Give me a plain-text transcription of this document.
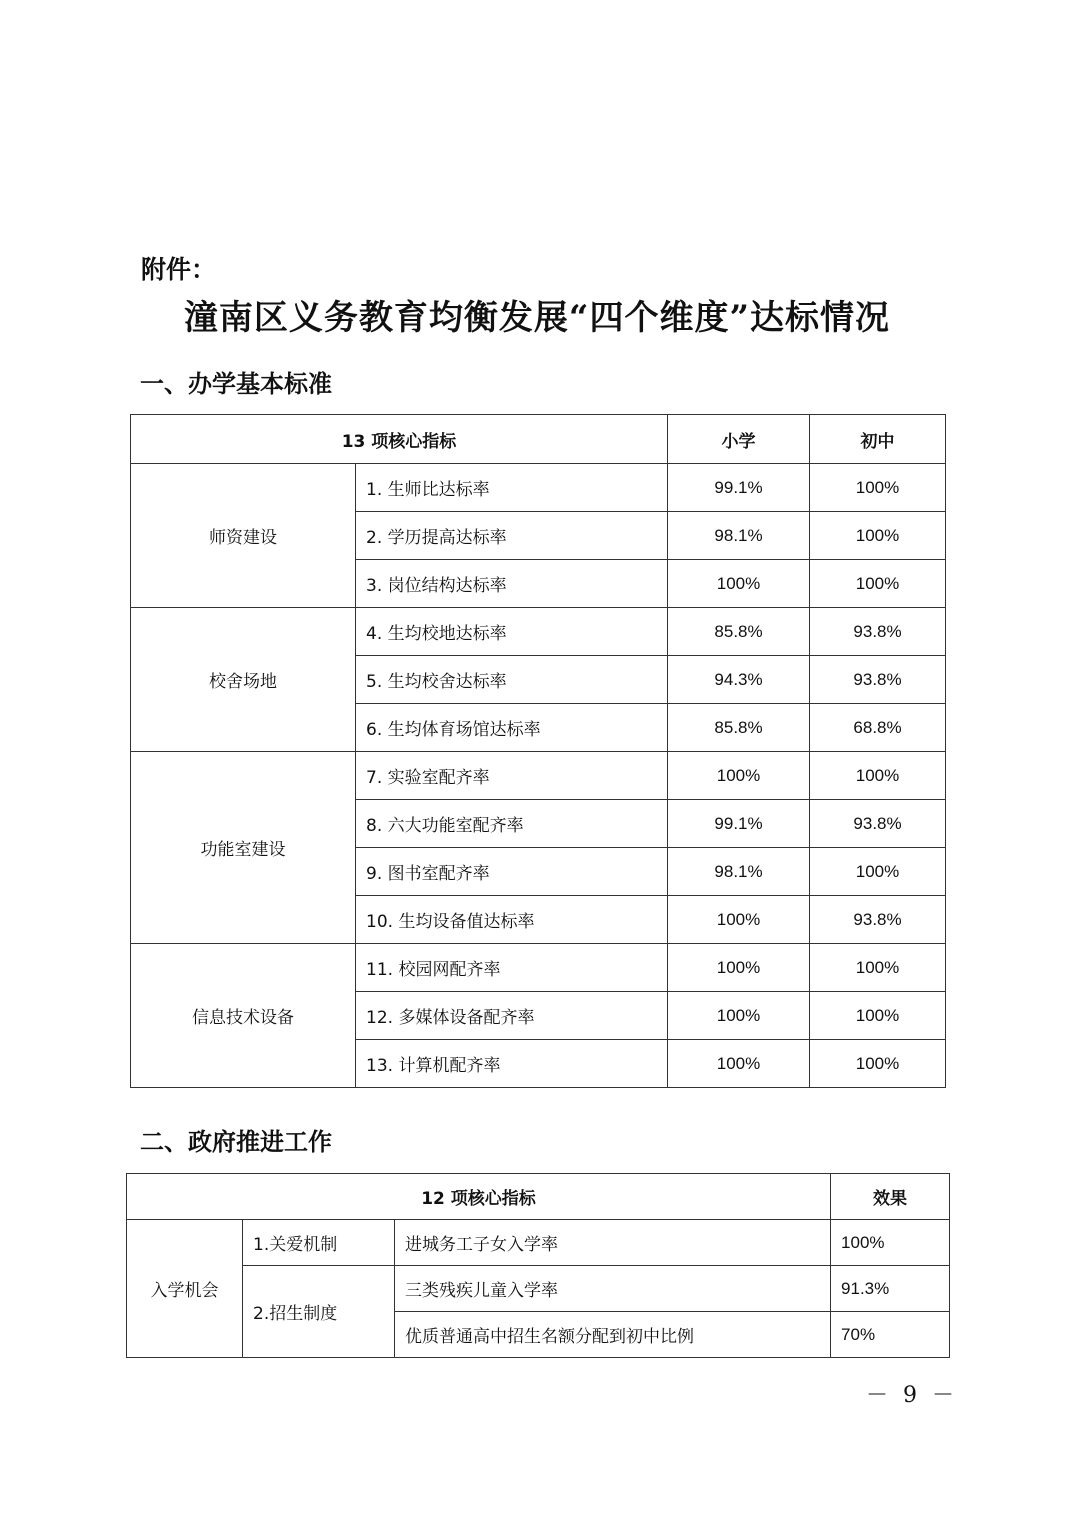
附件：
潼南区义务教育均衡发展“四个维度”达标情况
一、办学基本标准
13 项核心指标		小学	初中
师资建设	1. 生师比达标率	99.1%	100%
	2. 学历提高达标率	98.1%	100%
	3. 岗位结构达标率	100%	100%
校舍场地	4. 生均校地达标率	85.8%	93.8%
	5. 生均校舍达标率	94.3%	93.8%
	6. 生均体育场馆达标率	85.8%	68.8%
功能室建设	7. 实验室配齐率	100%	100%
	8. 六大功能室配齐率	99.1%	93.8%
	9. 图书室配齐率	98.1%	100%
	10. 生均设备值达标率	100%	93.8%
信息技术设备	11. 校园网配齐率	100%	100%
	12. 多媒体设备配齐率	100%	100%
	13. 计算机配齐率	100%	100%
二、政府推进工作
12 项核心指标			效果
入学机会	1.关爱机制	进城务工子女入学率	100%
	2.招生制度	三类残疾儿童入学率	91.3%
		优质普通高中招生名额分配到初中比例	70%
－ 9 －
